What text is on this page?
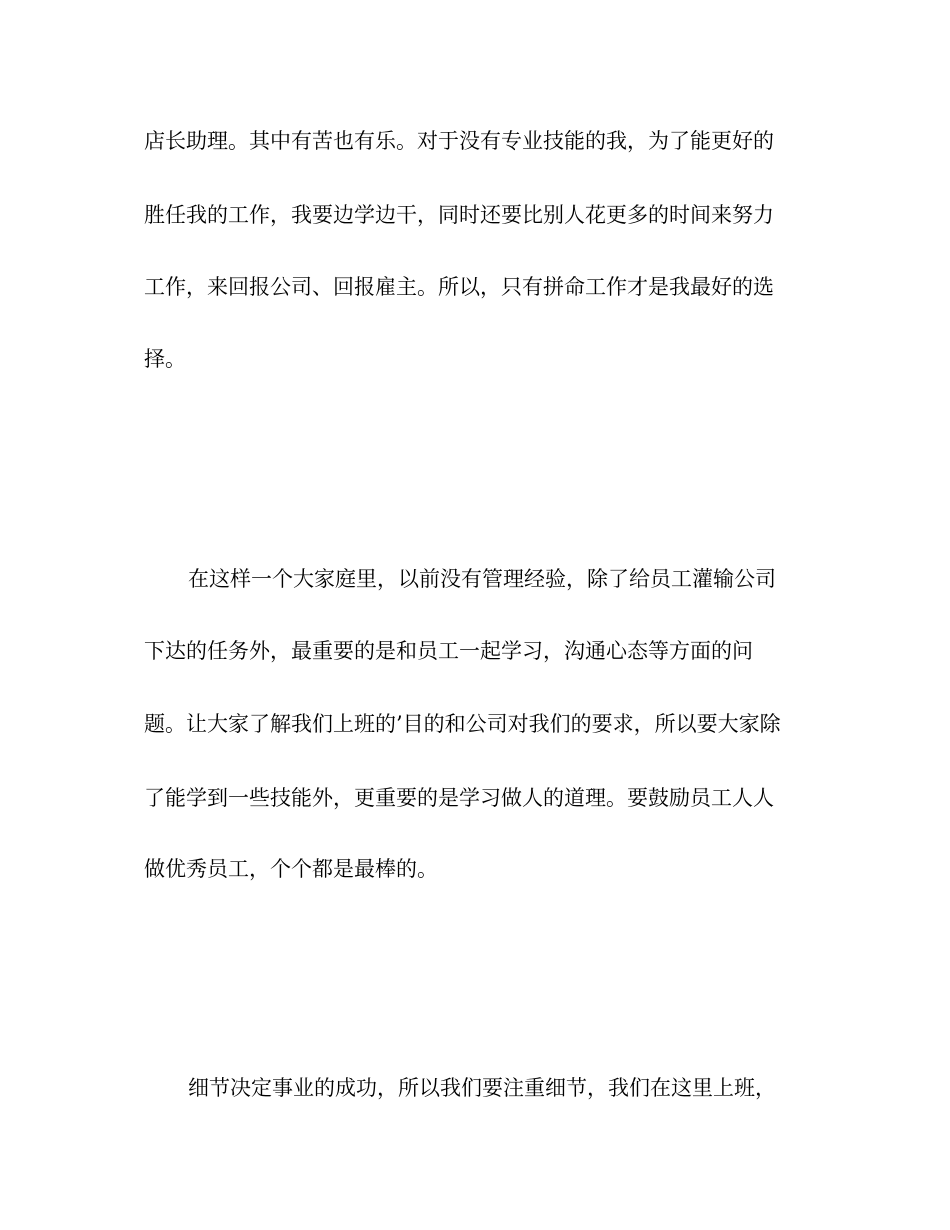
店长助理。其中有苦也有乐。对于没有专业技能的我，为了能更好的

胜任我的工作，我要边学边干，同时还要比别人花更多的时间来努力

工作，来回报公司、回报雇主。所以，只有拼命工作才是我最好的选

择。

在这样一个大家庭里，以前没有管理经验，除了给员工灌输公司

下达的任务外，最重要的是和员工一起学习，沟通心态等方面的问

题。让大家了解我们上班的’目的和公司对我们的要求，所以要大家除

了能学到一些技能外，更重要的是学习做人的道理。要鼓励员工人人

做优秀员工，个个都是最棒的。

细节决定事业的成功，所以我们要注重细节，我们在这里上班，
